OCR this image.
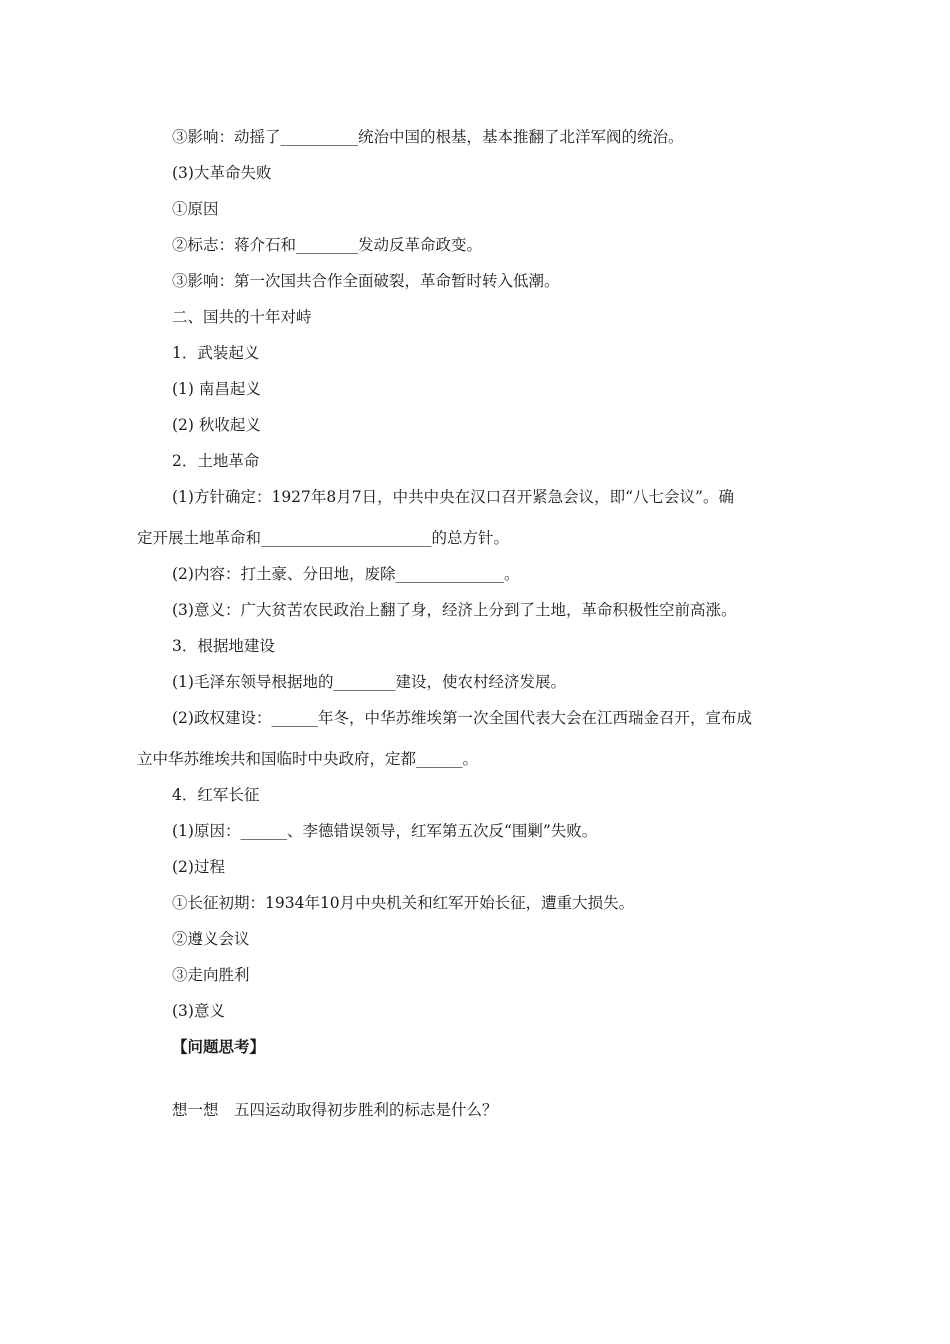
③影响：动摇了__________统治中国的根基，基本推翻了北洋军阀的统治。
(3)大革命失败
①原因
②标志：蒋介石和________发动反革命政变。
③影响：第一次国共合作全面破裂，革命暂时转入低潮。
二、国共的十年对峙
1．武装起义
(1) 南昌起义
(2) 秋收起义
2．土地革命
(1)方针确定：1927年8月7日，中共中央在汉口召开紧急会议，即“八七会议”。确
定开展土地革命和______________________的总方针。
(2)内容：打土豪、分田地，废除______________。
(3)意义：广大贫苦农民政治上翻了身，经济上分到了土地，革命积极性空前高涨。
3．根据地建设
(1)毛泽东领导根据地的________建设，使农村经济发展。
(2)政权建设：______年冬，中华苏维埃第一次全国代表大会在江西瑞金召开，宣布成
立中华苏维埃共和国临时中央政府，定都______。
4．红军长征
(1)原因：______、李德错误领导，红军第五次反“围剿”失败。
(2)过程
①长征初期：1934年10月中央机关和红军开始长征，遭重大损失。
②遵义会议
③走向胜利
(3)意义
【问题思考】
想一想　五四运动取得初步胜利的标志是什么？
